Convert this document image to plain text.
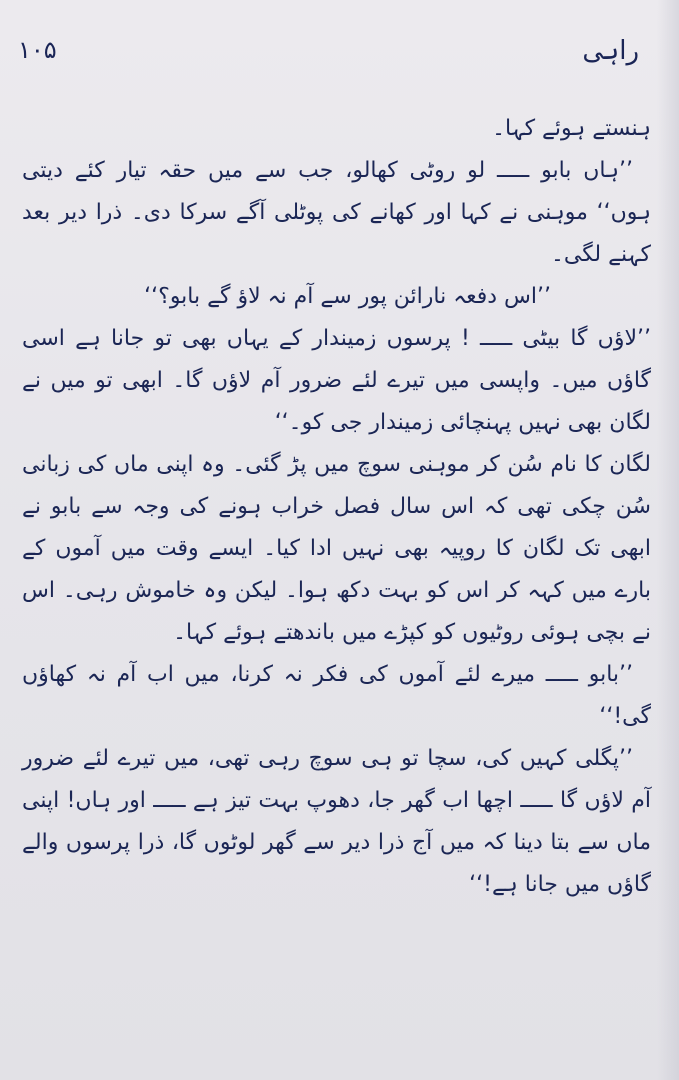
۱۰۵	راہی

ہنستے ہوئے کہا۔

’’ہاں بابو ـــــ لو روٹی کھالو، جب سے میں حقہ تیار کئے دیتی ہوں‘‘ موہنی نے کہا اور کھانے کی پوٹلی آگے سرکا دی۔ ذرا دیر بعد کہنے لگی۔

’’اس دفعہ نارائن پور سے آم نہ لاؤ گے بابو؟‘‘

’’لاؤں گا بیٹی ـــــ ! پرسوں زمیندار کے یہاں بھی تو جانا ہے اسی گاؤں میں۔ واپسی میں تیرے لئے ضرور آم لاؤں گا۔ ابھی تو میں نے لگان بھی نہیں پہنچائی زمیندار جی کو۔‘‘

لگان کا نام سُن کر موہنی سوچ میں پڑ گئی۔ وہ اپنی ماں کی زبانی سُن چکی تھی کہ اس سال فصل خراب ہونے کی وجہ سے بابو نے ابھی تک لگان کا روپیہ بھی نہیں ادا کیا۔ ایسے وقت میں آموں کے بارے میں کہہ کر اس کو بہت دکھ ہوا۔ لیکن وہ خاموش رہی۔ اس نے بچی ہوئی روٹیوں کو کپڑے میں باندھتے ہوئے کہا۔

’’بابو ـــــ میرے لئے آموں کی فکر نہ کرنا، میں اب آم نہ کھاؤں گی!‘‘

’’پگلی کہیں کی، سچا تو ہی سوچ رہی تھی، میں تیرے لئے ضرور آم لاؤں گا ـــــ اچھا اب گھر جا، دھوپ بہت تیز ہے ـــــ اور ہاں! اپنی ماں سے بتا دینا کہ میں آج ذرا دیر سے گھر لوٹوں گا، ذرا پرسوں والے گاؤں میں جانا ہے!‘‘
